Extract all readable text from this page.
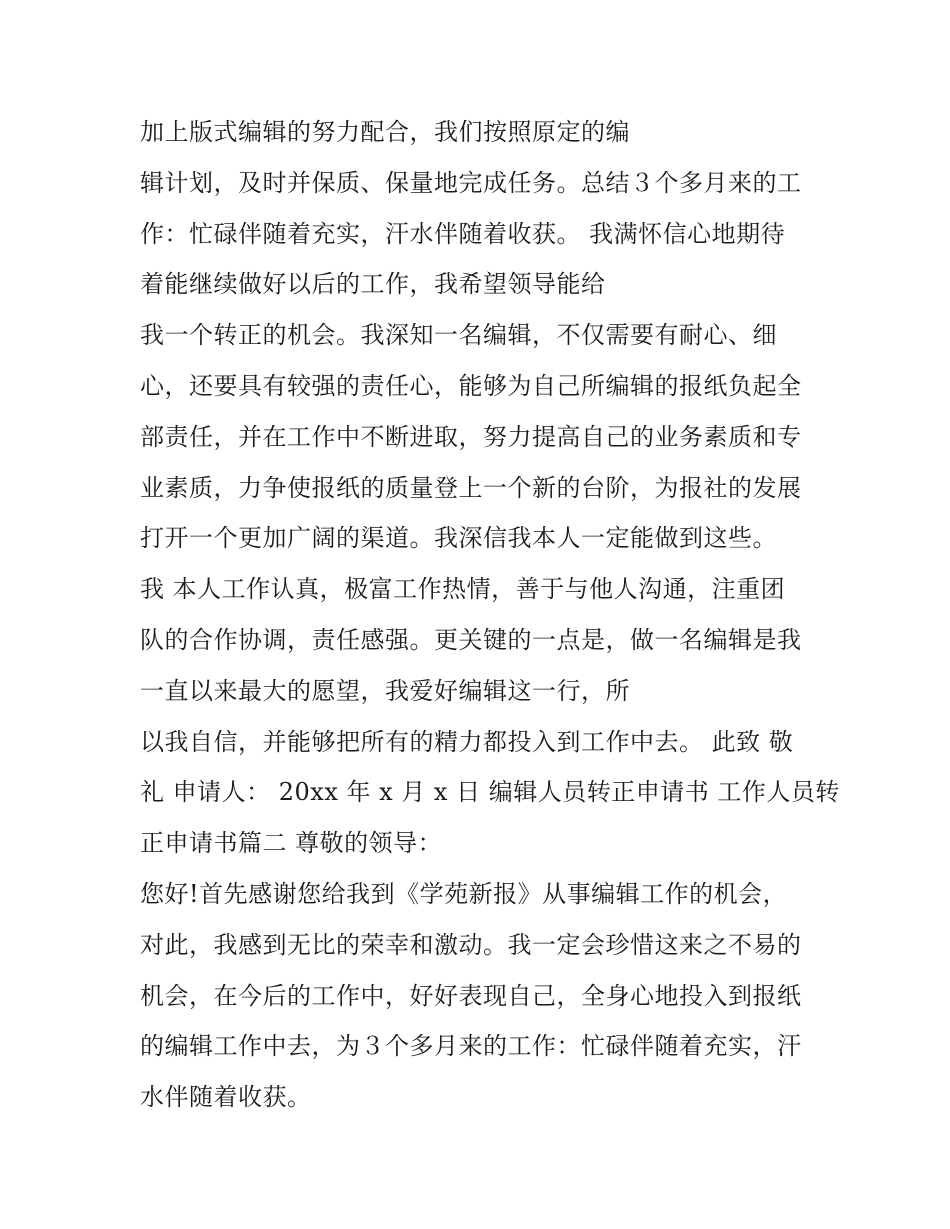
加上版式编辑的努力配合，我们按照原定的编
辑计划，及时并保质、保量地完成任务。总结３个多月来的工
作：忙碌伴随着充实，汗水伴随着收获。 我满怀信心地期待
着能继续做好以后的工作，我希望领导能给
我一个转正的机会。我深知一名编辑，不仅需要有耐心、细
心，还要具有较强的责任心，能够为自己所编辑的报纸负起全
部责任，并在工作中不断进取，努力提高自己的业务素质和专
业素质，力争使报纸的质量登上一个新的台阶，为报社的发展
打开一个更加广阔的渠道。我深信我本人一定能做到这些。
我 本人工作认真，极富工作热情，善于与他人沟通，注重团
队的合作协调，责任感强。更关键的一点是，做一名编辑是我
一直以来最大的愿望，我爱好编辑这一行，所
以我自信，并能够把所有的精力都投入到工作中去。 此致 敬
礼 申请人： 20xx 年 x 月 x 日 编辑人员转正申请书 工作人员转
正申请书篇二 尊敬的领导：
您好!首先感谢您给我到《学苑新报》从事编辑工作的机会，
对此，我感到无比的荣幸和激动。我一定会珍惜这来之不易的
机会，在今后的工作中，好好表现自己，全身心地投入到报纸
的编辑工作中去，为３个多月来的工作：忙碌伴随着充实，汗
水伴随着收获。
